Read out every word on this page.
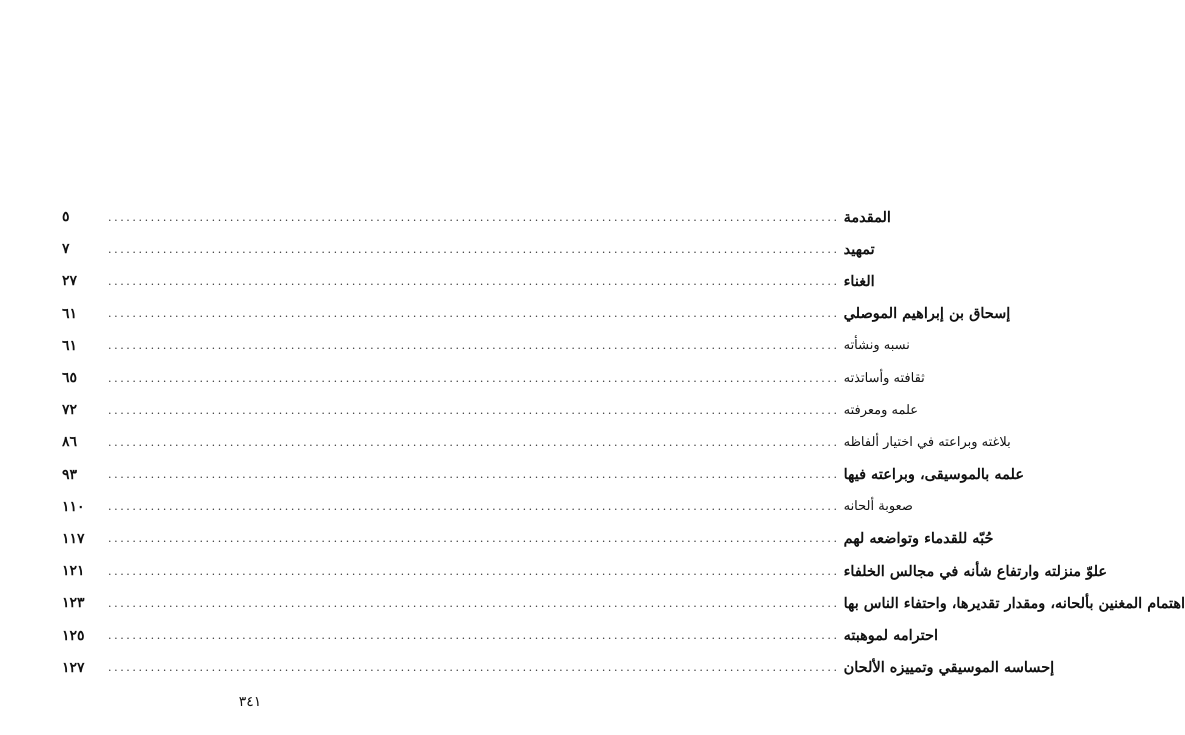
٥	........................................................................................................................ المقدمة
٧	........................................................................................................................ تمهيد
٢٧	........................................................................................................................ الغناء
٦١	........................................................................................................................ إسحاق بن إبراهيم الموصلي
٦١	........................................................................................................................ نسبه ونشأته
٦٥	........................................................................................................................ ثقافته وأساتذته
٧٢	........................................................................................................................ علمه ومعرفته
٨٦	........................................................................................................................ بلاغته وبراعته في اختيار ألفاظه
٩٣	........................................................................................................................ علمه بالموسيقى، وبراعته فيها
١١٠	........................................................................................................................ صعوبة ألحانه
١١٧	........................................................................................................................ حُبّه للقدماء وتواضعه لهم
١٢١	........................................................................................................................ علوّ منزلته وارتفاع شأنه في مجالس الخلفاء
١٢٣	........................................................................................................................ اهتمام المغنين بألحانه، ومقدار تقديرها، واحتفاء الناس بها
١٢٥	........................................................................................................................ احترامه لموهبته
١٢٧	........................................................................................................................ إحساسه الموسيقي وتمييزه الألحان
٣٤١
